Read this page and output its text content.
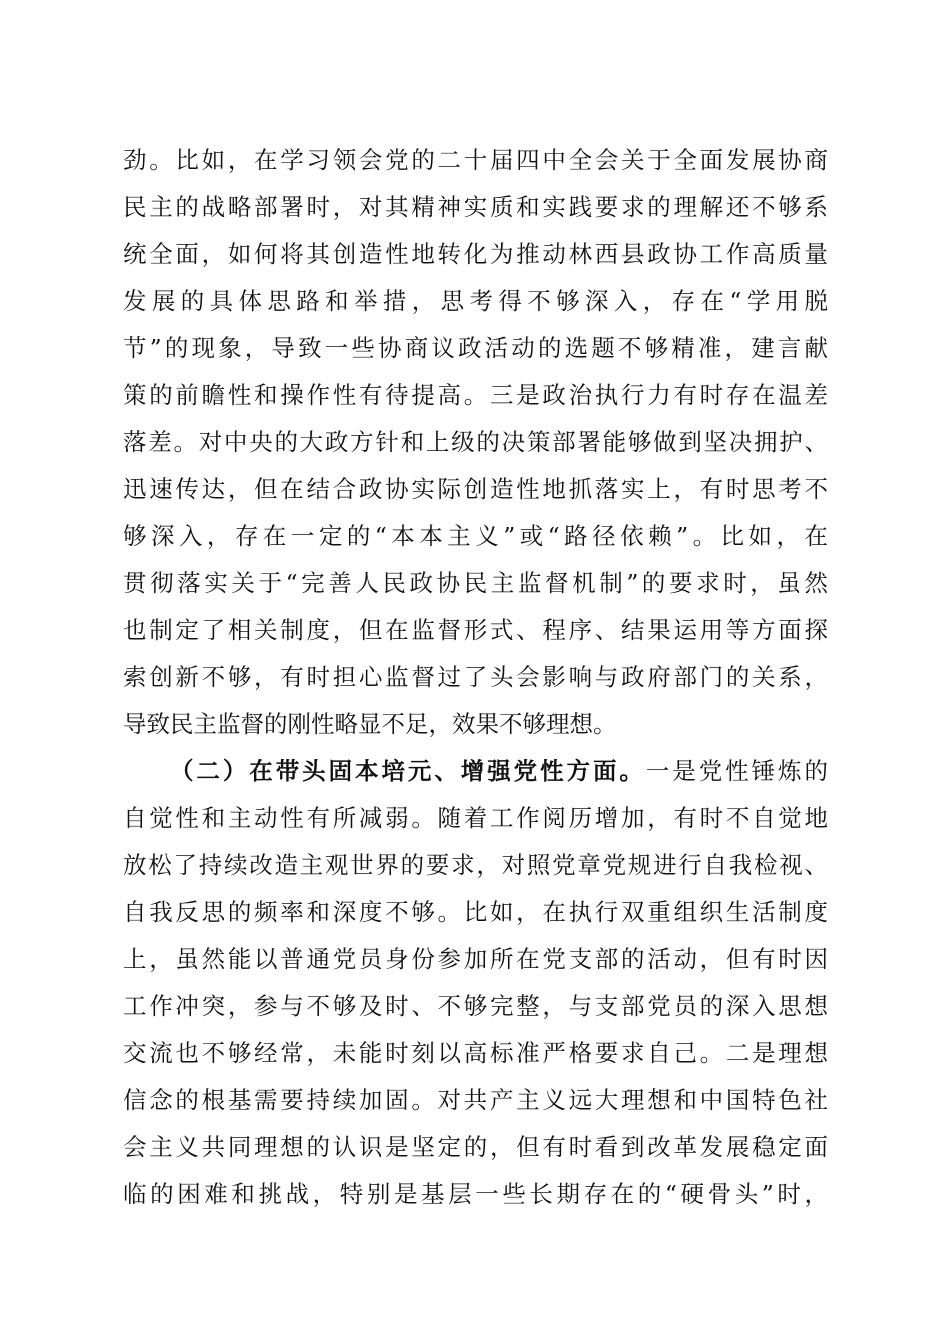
劲。比如，在学习领会党的二十届四中全会关于全面发展协商
民主的战略部署时，对其精神实质和实践要求的理解还不够系
统全面，如何将其创造性地转化为推动林西县政协工作高质量
发展的具体思路和举措，思考得不够深入，存在“学用脱
节”的现象，导致一些协商议政活动的选题不够精准，建言献
策的前瞻性和操作性有待提高。三是政治执行力有时存在温差
落差。对中央的大政方针和上级的决策部署能够做到坚决拥护、
迅速传达，但在结合政协实际创造性地抓落实上，有时思考不
够深入，存在一定的“本本主义”或“路径依赖”。比如，在
贯彻落实关于“完善人民政协民主监督机制”的要求时，虽然
也制定了相关制度，但在监督形式、程序、结果运用等方面探
索创新不够，有时担心监督过了头会影响与政府部门的关系，
导致民主监督的刚性略显不足，效果不够理想。
（二）在带头固本培元、增强党性方面。一是党性锤炼的
自觉性和主动性有所减弱。随着工作阅历增加，有时不自觉地
放松了持续改造主观世界的要求，对照党章党规进行自我检视、
自我反思的频率和深度不够。比如，在执行双重组织生活制度
上，虽然能以普通党员身份参加所在党支部的活动，但有时因
工作冲突，参与不够及时、不够完整，与支部党员的深入思想
交流也不够经常，未能时刻以高标准严格要求自己。二是理想
信念的根基需要持续加固。对共产主义远大理想和中国特色社
会主义共同理想的认识是坚定的，但有时看到改革发展稳定面
临的困难和挑战，特别是基层一些长期存在的“硬骨头”时，
